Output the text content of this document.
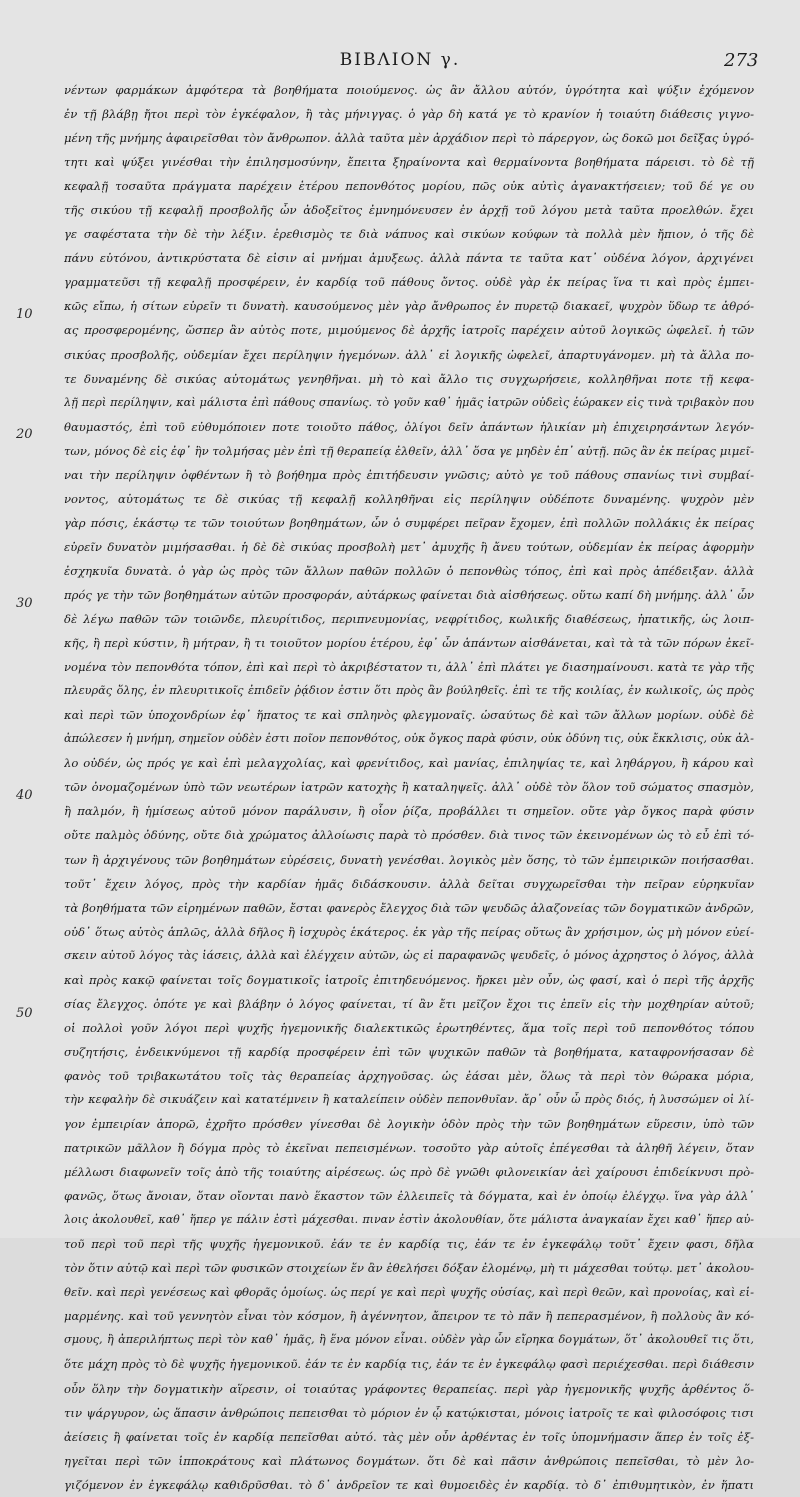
ΒΙΒΛΙΟΝ γ.	273
10
20
30
40
50
νέντων φαρμάκων ἀμφότερα τὰ βοηθήματα ποιούμενος. ὡς ἂν ἄλλου αὐτόν, ὑγρότητα καὶ ψύξιν ἐχόμενον
ἐν τῇ βλάβῃ ἤτοι περὶ τὸν ἐγκέφαλον, ἢ τὰς μήνιγγας. ὁ γὰρ δὴ κατά γε τὸ κρανίον ἡ τοιαύτη διάθεσις γιγνο-
μένη τῆς μνήμης ἀφαιρεῖσθαι τὸν ἄνθρωπον. ἀλλὰ ταῦτα μὲν ἀρχάδιον περὶ τὸ πάρεργον, ὡς δοκῶ μοι δεῖξας ὑγρό-
τητι καὶ ψύξει γινέσθαι τὴν ἐπιλησμοσύνην, ἔπειτα ξηραίνοντα καὶ θερμαίνοντα βοηθήματα πάρεισι. τὸ δὲ τῇ
κεφαλῇ τοσαῦτα πράγματα παρέχειν ἑτέρου πεπονθότος μορίου, πῶς οὐκ αὐτὶς ἀγανακτήσειεν; τοῦ δέ γε ου
τῆς σικύου τῇ κεφαλῇ προσβολῆς ὧν ἀδοξεῖτος ἐμνημόνευσεν ἐν ἀρχῇ τοῦ λόγου μετὰ ταῦτα προελθών. ἔχει
γε σαφέστατα τὴν δὲ τὴν λέξιν. ἐρεθισμὸς τε διὰ νάπυος καὶ σικύων κούφων τὰ πολλὰ μὲν ἤπιον, ὁ τῆς δὲ
πάνυ εὐτόνου, ἀντικρύστατα δὲ εἰσιν αἱ μνήμαι ἀμυξεως. ἀλλὰ πάντα τε ταῦτα κατ᾽ οὐδένα λόγον, ἀρχιγένει
γραμματεῦσι τῇ κεφαλῇ προσφέρειν, ἐν καρδίᾳ τοῦ πάθους ὄντος. οὐδὲ γὰρ ἐκ πείρας ἵνα τι καὶ πρὸς ἐμπει-
κῶς εἴπω, ἡ σίτων εὑρεῖν τι δυνατὴ. καυσούμενος μὲν γὰρ ἄνθρωπος ἐν πυρετῷ διακαεῖ, ψυχρὸν ὕδωρ τε ἀθρό-
ας προσφερομένης, ὥσπερ ἂν αὐτὸς ποτε, μιμούμενος δὲ ἀρχῆς ἰατροῖς παρέχειν αὐτοῦ λογικῶς ὠφελεῖ. ἡ τῶν
σικύας προσβολῆς, οὐδεμίαν ἔχει περίληψιν ἡγεμόνων. ἀλλ᾽ εἰ λογικῆς ὠφελεῖ, ἀπαρτυγάνομεν. μὴ τὰ ἄλλα πο-
τε δυναμένης δὲ σικύας αὐτομάτως γενηθῆναι. μὴ τὸ καὶ ἄλλο τις συγχωρήσειε, κολληθῆναι ποτε τῇ κεφα-
λῇ περὶ περίληψιν, καὶ μάλιστα ἐπὶ πάθους σπανίως. τὸ γοῦν καθ᾽ ἡμᾶς ἰατρῶν οὐδεὶς ἑώρακεν εἰς τινὰ τριβακὸν που
θαυμαστός, ἐπὶ τοῦ εὐθυμόποιεν ποτε τοιοῦτο πάθος, ὀλίγοι δεῖν ἀπάντων ἡλικίαν μὴ ἐπιχειρησάντων λεγόν-
των, μόνος δὲ εἰς ἐφ᾽ ἣν τολμήσας μὲν ἐπὶ τῇ θεραπείᾳ ἐλθεῖν, ἀλλ᾽ ὅσα γε μηδὲν ἐπ᾽ αὐτῇ. πῶς ἂν ἐκ πείρας μιμεῖ-
ναι τὴν περίληψιν ὀφθέντων ἢ τὸ βοήθημα πρὸς ἐπιτήδευσιν γνῶσις; αὐτὸ γε τοῦ πάθους σπανίως τινὶ συμβαί-
νοντος, αὐτομάτως τε δὲ σικύας τῇ κεφαλῇ κολληθῆναι εἰς περίληψιν οὐδέποτε δυναμένης. ψυχρὸν μὲν
γὰρ πόσις, ἑκάστῳ τε τῶν τοιούτων βοηθημάτων, ὧν ὁ συμφέρει πεῖραν ἔχομεν, ἐπὶ πολλῶν πολλάκις ἐκ πείρας
εὑρεῖν δυνατὸν μιμήσασθαι. ἡ δὲ δὲ σικύας προσβολὴ μετ᾽ ἀμυχῆς ἢ ἄνευ τούτων, οὐδεμίαν ἐκ πείρας ἀφορμὴν
ἐσχηκυῖα δυνατὰ. ὁ γὰρ ὡς πρὸς τῶν ἄλλων παθῶν πολλῶν ὁ πεπονθὼς τόπος, ἐπὶ καὶ πρὸς ἀπέδειξαν. ἀλλὰ
πρός γε τὴν τῶν βοηθημάτων αὐτῶν προσφοράν, αὐτάρκως φαίνεται διὰ αἰσθήσεως. οὕτω καπί δὴ μνήμης. ἀλλ᾽ ὧν
δὲ λέγω παθῶν τῶν τοιῶνδε, πλευρίτιδος, περιπνευμονίας, νεφρίτιδος, κωλικῆς διαθέσεως, ἡπατικῆς, ὡς λοιπ-
κῆς, ἢ περὶ κύστιν, ἢ μήτραν, ἢ τι τοιοῦτον μορίου ἑτέρου, ἐφ᾽ ὧν ἁπάντων αἰσθάνεται, καὶ τὰ τὰ τῶν πόρων ἐκεῖ-
νομένα τὸν πεπονθότα τόπον, ἐπὶ καὶ περὶ τὸ ἀκριβέστατον τι, ἀλλ᾽ ἐπὶ πλάτει γε διασημαίνουσι. κατὰ τε γὰρ τῆς
πλευρᾶς ὅλης, ἐν πλευριτικοῖς ἐπιδεῖν ῥᾴδιον ἐστιν ὅτι πρὸς ἂν βούληθεῖς. ἐπὶ τε τῆς κοιλίας, ἐν κωλικοῖς, ὡς πρὸς
καὶ περὶ τῶν ὑποχονδρίων ἐφ᾽ ἥπατος τε καὶ σπληνὸς φλεγμοναῖς. ὡσαύτως δὲ καὶ τῶν ἄλλων μορίων. οὐδὲ δὲ
ἀπώλεσεν ἡ μνήμη, σημεῖον οὐδὲν ἐστι ποῖον πεπονθότος, οὐκ ὄγκος παρὰ φύσιν, οὐκ ὀδύνη τις, οὐκ ἔκκλισις, οὐκ ἀλ-
λο οὐδέν, ὡς πρός γε καὶ ἐπὶ μελαγχολίας, καὶ φρενίτιδος, καὶ μανίας, ἐπιληψίας τε, καὶ ληθάργου, ἢ κάρου καὶ
τῶν ὀνομαζομένων ὑπὸ τῶν νεωτέρων ἰατρῶν κατοχὴς ἢ καταληψεῖς. ἀλλ᾽ οὐδὲ τὸν ὅλον τοῦ σώματος σπασμὸν,
ἢ παλμόν, ἢ ἡμίσεως αὐτοῦ μόνον παράλυσιν, ἢ οἷον ῥίζα, προβάλλει τι σημεῖον. οὔτε γὰρ ὄγκος παρὰ φύσιν
οὔτε παλμὸς ὀδύνης, οὔτε διὰ χρώματος ἀλλοίωσις παρὰ τὸ πρόσθεν. διὰ τινος τῶν ἐκεινομένων ὡς τὸ εὖ ἐπὶ τό-
των ἢ ἀρχιγένους τῶν βοηθημάτων εὑρέσεις, δυνατὴ γενέσθαι. λογικὸς μὲν ὅσης, τὸ τῶν ἐμπειρικῶν ποιήσασθαι.
τοῦτ᾽ ἔχειν λόγος, πρὸς τὴν καρδίαν ἡμᾶς διδάσκουσιν. ἀλλὰ δεῖται συγχωρεῖσθαι τὴν πεῖραν εὑρηκυῖαν
τὰ βοηθήματα τῶν εἰρημένων παθῶν, ἔσται φανερὸς ἔλεγχος διὰ τῶν ψευδῶς ἀλαζονείας τῶν δογματικῶν ἀνδρῶν,
οὐδ᾽ ὅτως αὐτὸς ἁπλῶς, ἀλλὰ δῆλος ἢ ἰσχυρὸς ἑκάτερος. ἐκ γὰρ τῆς πείρας οὕτως ἂν χρήσιμον, ὡς μὴ μόνον εὐεί-
σκειν αὐτοῦ λόγος τὰς ἰάσεις, ἀλλὰ καὶ ἐλέγχειν αὐτῶν, ὡς εἰ παραφανῶς ψευδεῖς, ὁ μόνος ἀχρηστος ὁ λόγος, ἀλλὰ
καὶ πρὸς κακῷ φαίνεται τοῖς δογματικοῖς ἰατροῖς ἐπιτηδευόμενος. ἤρκει μὲν οὖν, ὡς φασί, καὶ ὁ περὶ τῆς ἀρχῆς
σίας ἔλεγχος. ὁπότε γε καὶ βλάβην ὁ λόγος φαίνεται, τί ἂν ἔτι μεῖζον ἔχοι τις ἐπεῖν εἰς τὴν μοχθηρίαν αὐτοῦ;
οἱ πολλοὶ γοῦν λόγοι περὶ ψυχῆς ἡγεμονικῆς διαλεκτικῶς ἐρωτηθέντες, ἅμα τοῖς περὶ τοῦ πεπονθότος τόπου
συζητήσις, ἐνδεικνύμενοι τῇ καρδίᾳ προσφέρειν ἐπὶ τῶν ψυχικῶν παθῶν τὰ βοηθήματα, καταφρονήσασαν δὲ
φανὸς τοῦ τριβακωτάτου τοῖς τὰς θεραπείας ἀρχηγοῦσας. ὡς ἐάσαι μὲν, ὅλως τὰ περὶ τὸν θώρακα μόρια,
τὴν κεφαλὴν δὲ σικυάζειν καὶ κατατέμνειν ἢ καταλείπειν οὐδὲν πεπονθυῖαν. ἄρ᾽ οὖν ὦ πρὸς διός, ἡ λυσσώμεν οἱ λί-
γον ἐμπειρίαν ἀπορῶ, ἐχρῆτο πρόσθεν γίνεσθαι δὲ λογικὴν ὁδὸν πρὸς τὴν τῶν βοηθημάτων εὕρεσιν, ὑπὸ τῶν
πατρικῶν μᾶλλον ἢ δόγμα πρὸς τὸ ἐκεῖναι πεπεισμένων. τοσοῦτο γὰρ αὐτοῖς ἐπέγεσθαι τὰ ἀληθῆ λέγειν, ὅταν
μέλλωσι διαφωνεῖν τοῖς ἀπὸ τῆς τοιαύτης αἱρέσεως. ὡς πρὸ δὲ γνῶθι φιλονεικίαν ἀεὶ χαίρουσι ἐπιδείκνυσι πρὸ-
φανῶς, ὅτως ἄνοιαν, ὅταν οἴονται πανὸ ἕκαστον τῶν ἐλλειπεῖς τὰ δόγματα, καὶ ἐν ὁποίῳ ἐλέγχῳ. ἵνα γὰρ ἀλλ᾽
λοις ἀκολουθεῖ, καθ᾽ ἥπερ γε πάλιν ἐστὶ μάχεσθαι. πιναν ἐστὶν ἀκολουθίαν, ὅτε μάλιστα ἀναγκαίαν ἔχει καθ᾽ ἥπερ αὐ-
τοῦ περὶ τοῦ περὶ τῆς ψυχῆς ἡγεμονικοῦ. ἐάν τε ἐν καρδίᾳ τις, ἐάν τε ἐν ἐγκεφάλῳ τοῦτ᾽ ἔχειν φασι, δῆλα
τὸν ὅτιν αὐτῷ καὶ περὶ τῶν φυσικῶν στοιχείων ἕν ἂν ἐθελήσει δόξαν ἐλομένῳ, μὴ τι μάχεσθαι τούτῳ. μετ᾽ ἀκολου-
θεῖν. καὶ περὶ γενέσεως καὶ φθορᾶς ὁμοίως. ὡς περί γε καὶ περὶ ψυχῆς οὐσίας, καὶ περὶ θεῶν, καὶ προνοίας, καὶ εἱ-
μαρμένης. καὶ τοῦ γεννητὸν εἶναι τὸν κόσμον, ἢ ἀγέννητον, ἄπειρον τε τὸ πᾶν ἢ πεπερασμένον, ἢ πολλοὺς ἂν κό-
σμους, ἢ ἀπεριλήπτως περὶ τὸν καθ᾽ ἡμᾶς, ἢ ἕνα μόνον εἶναι. οὐδὲν γὰρ ὧν εἴρηκα δογμάτων, ὅτ᾽ ἀκολουθεῖ τις ὅτι,
ὅτε μάχη πρὸς τὸ δὲ ψυχῆς ἡγεμονικοῦ. ἐάν τε ἐν καρδίᾳ τις, ἐάν τε ἐν ἐγκεφάλῳ φασὶ περιέχεσθαι. περὶ διάθεσιν
οὖν ὅλην τὴν δογματικὴν αἵρεσιν, οἱ τοιαύτας γράφοντες θεραπείας. περὶ γὰρ ἡγεμονικῆς ψυχῆς ἀρθέντος ὅ-
τιν ψάργυρον, ὡς ἅπασιν ἀνθρώποις πεπεισθαι τὸ μόριον ἐν ᾧ κατῴκισται, μόνοις ἰατροῖς τε καὶ φιλοσόφοις τισι
ἀείσεις ἢ φαίνεται τοῖς ἐν καρδίᾳ πεπεῖσθαι αὐτό. τὰς μὲν οὖν ἀρθέντας ἐν τοῖς ὑπομνήμασιν ἅπερ ἐν τοῖς ἐξ-
ηγεῖται περὶ τῶν ἱπποκράτους καὶ πλάτωνος δογμάτων. ὅτι δὲ καὶ πᾶσιν ἀνθρώποις πεπεῖσθαι, τὸ μὲν λο-
γιζόμενον ἐν ἐγκεφάλῳ καθιδρῦσθαι. τὸ δ᾽ ἀνδρεῖον τε καὶ θυμοειδὲς ἐν καρδίᾳ. τὸ δ᾽ ἐπιθυμητικὸν, ἐν ἥπατι
